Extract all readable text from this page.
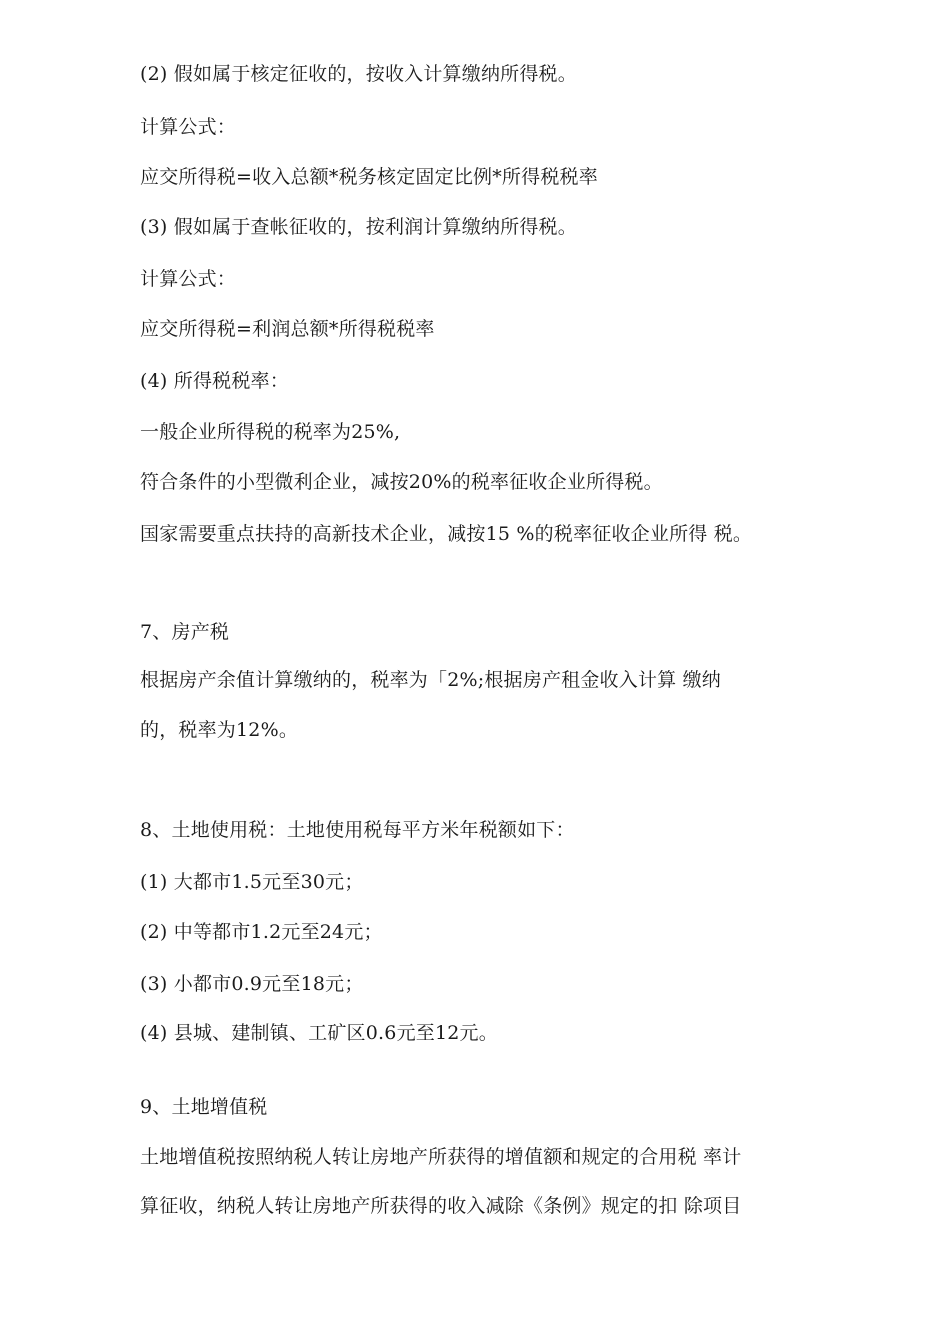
(2) 假如属于核定征收的，按收入计算缴纳所得税。
计算公式：
应交所得税=收入总额*税务核定固定比例*所得税税率
(3) 假如属于查帐征收的，按利润计算缴纳所得税。
计算公式：
应交所得税=利润总额*所得税税率
(4) 所得税税率：
一般企业所得税的税率为25%,
符合条件的小型微利企业，减按20%的税率征收企业所得税。
国家需要重点扶持的高新技术企业，减按15 %的税率征收企业所得 税。
7、房产税
根据房产余值计算缴纳的，税率为「2%;根据房产租金收入计算 缴纳
的，税率为12%。
8、土地使用税：土地使用税每平方米年税额如下：
(1) 大都市1.5元至30元；
(2) 中等都市1.2元至24元；
(3) 小都市0.9元至18元；
(4) 县城、建制镇、工矿区0.6元至12元。
9、土地增值税
土地增值税按照纳税人转让房地产所获得的增值额和规定的合用税 率计
算征收，纳税人转让房地产所获得的收入减除《条例》规定的扣 除项目
